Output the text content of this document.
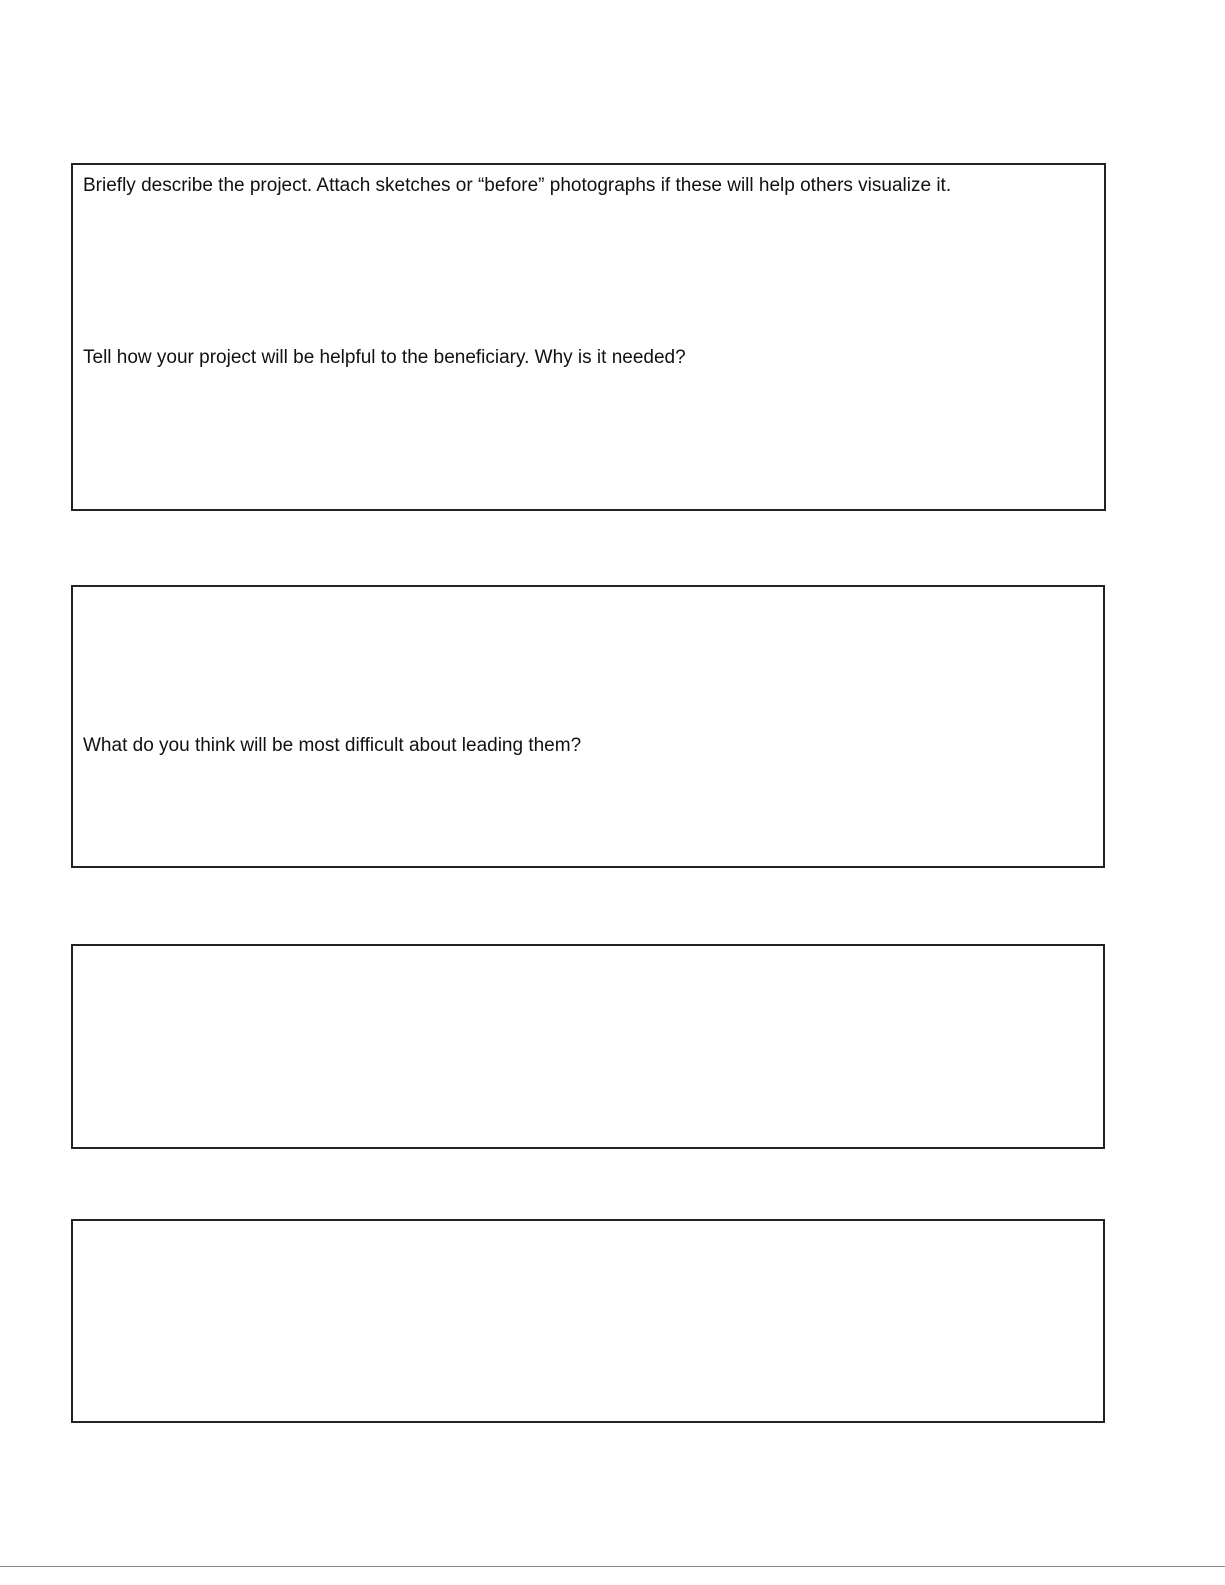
Briefly describe the project. Attach sketches or “before” photographs if these will help others visualize it.

Tell how your project will be helpful to the beneficiary. Why is it needed?

What do you think will be most difficult about leading them?
